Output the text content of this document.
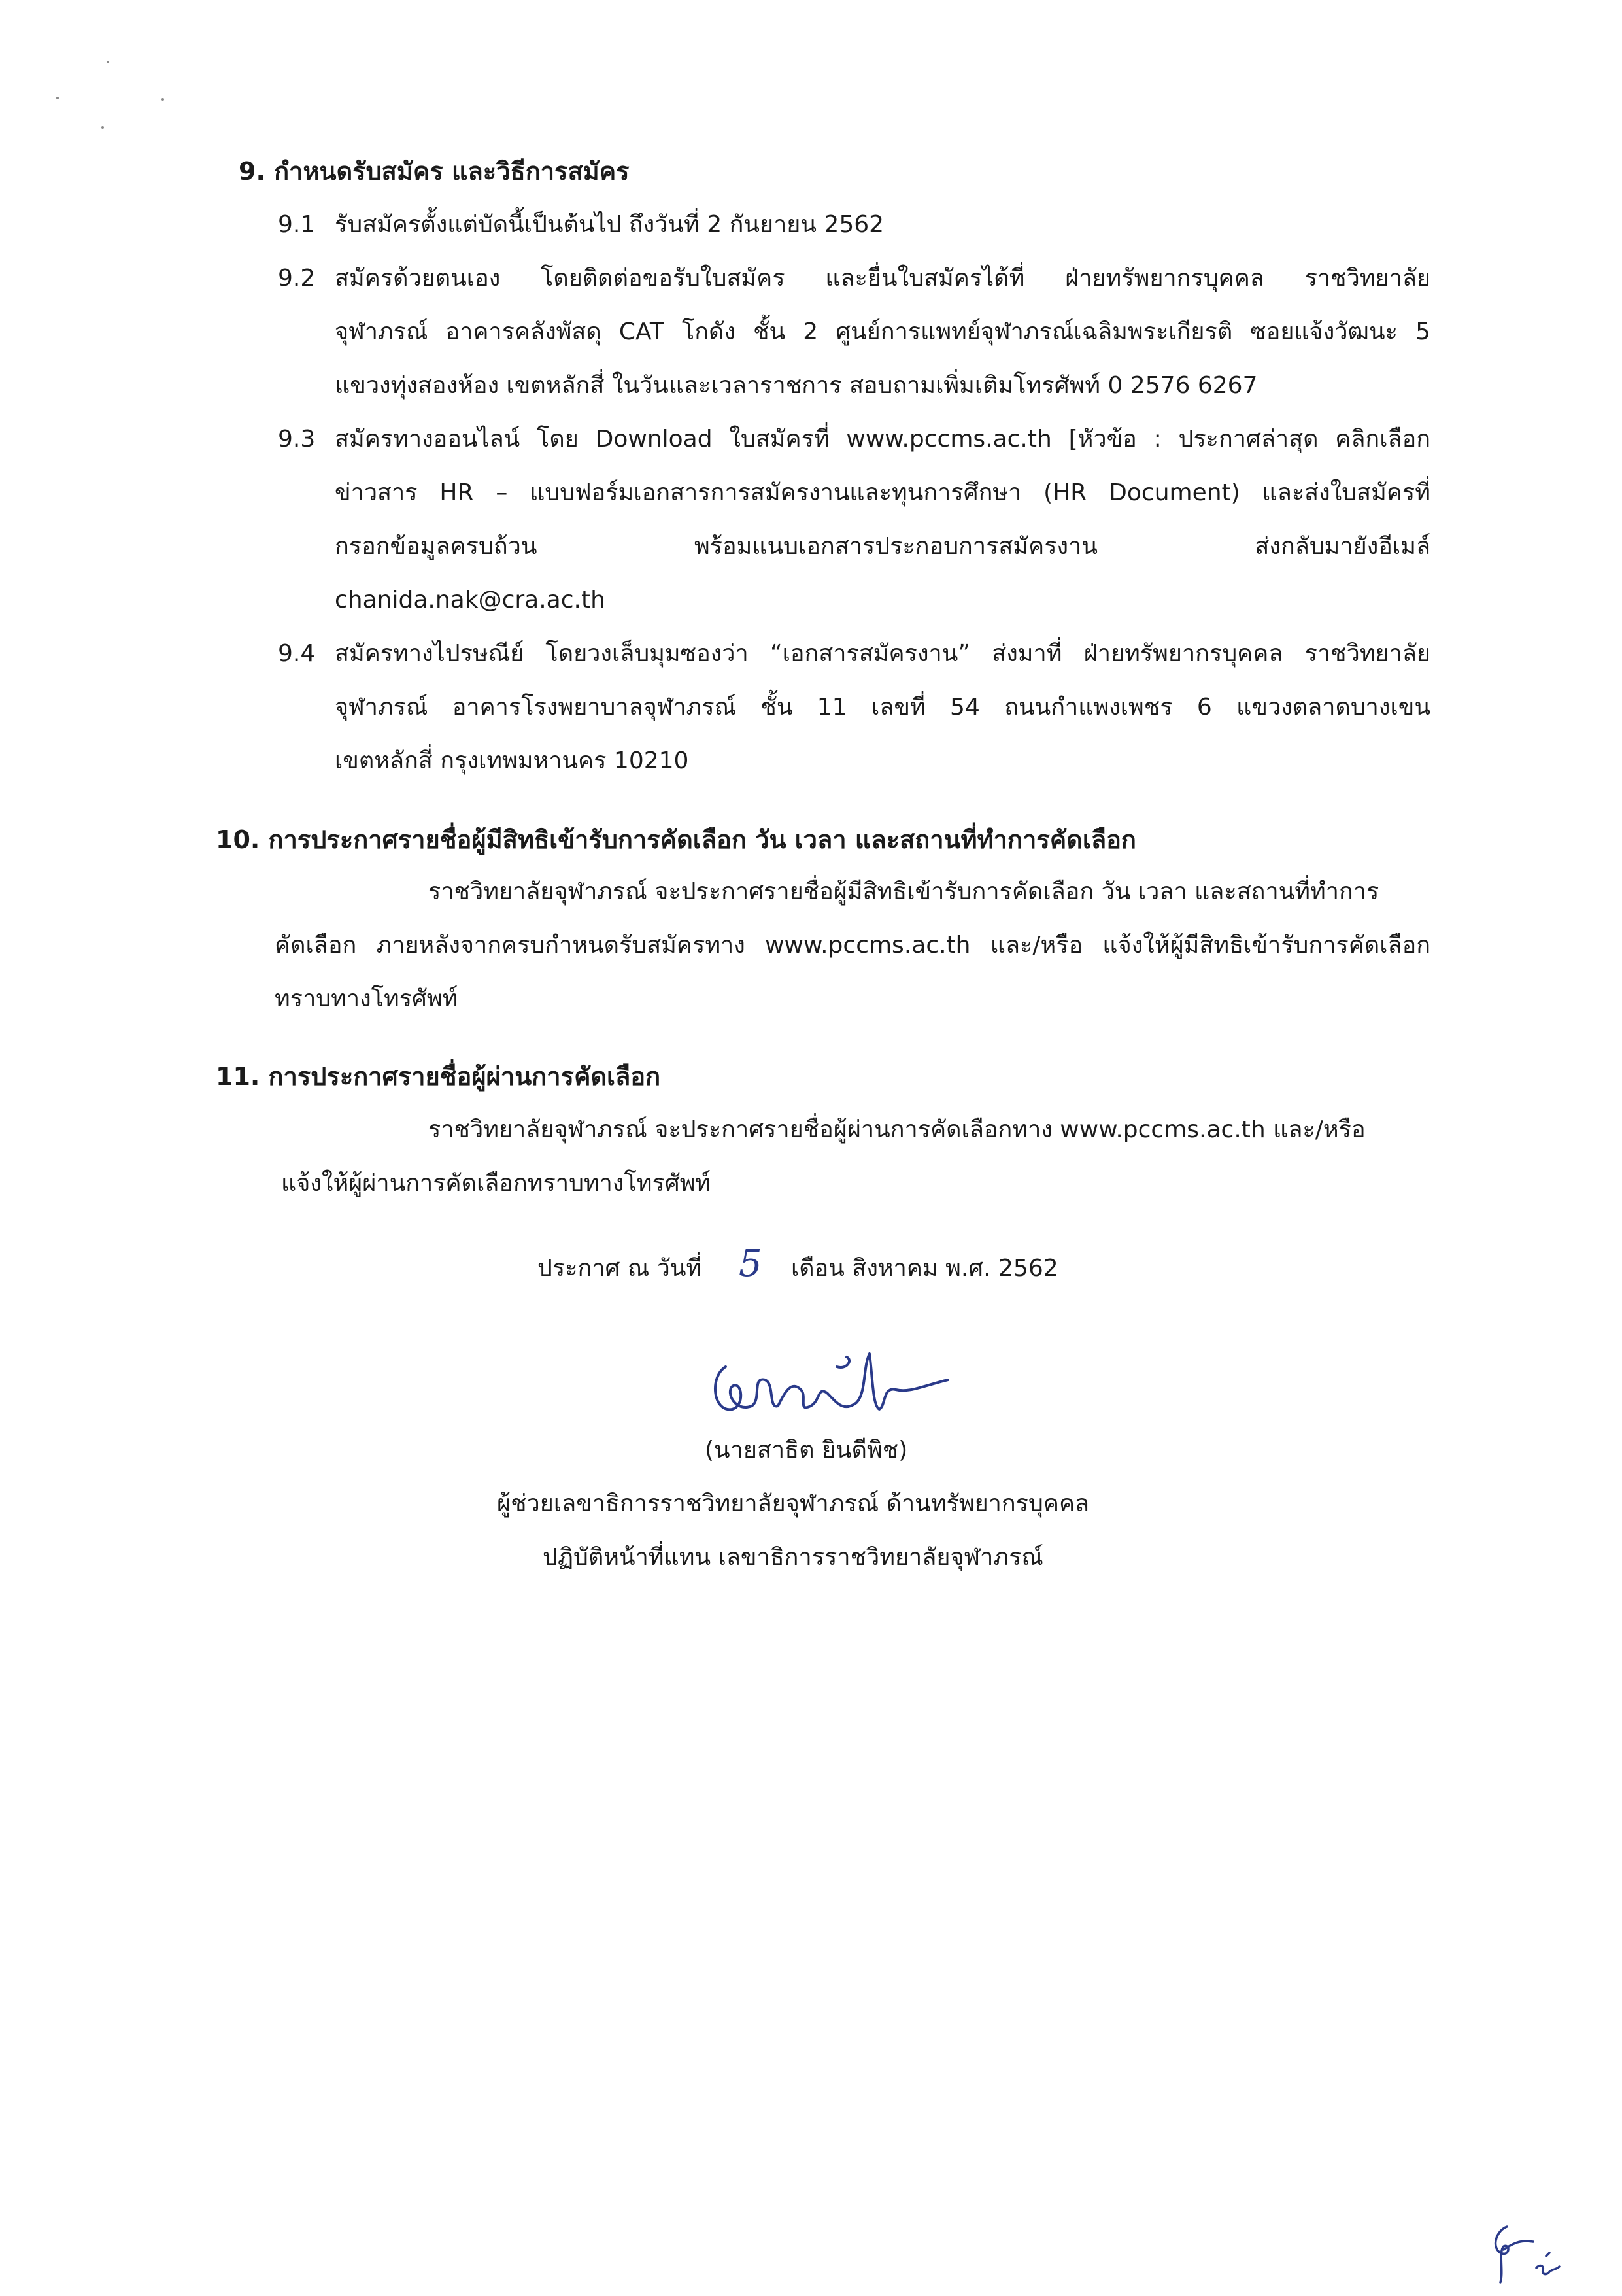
9. กำหนดรับสมัคร และวิธีการสมัคร
9.1 รับสมัครตั้งแต่บัดนี้เป็นต้นไป ถึงวันที่ 2 กันยายน 2562
9.2 สมัครด้วยตนเอง โดยติดต่อขอรับใบสมัคร และยื่นใบสมัครได้ที่ ฝ่ายทรัพยากรบุคคล ราชวิทยาลัย
จุฬาภรณ์ อาคารคลังพัสดุ CAT โกดัง ชั้น 2 ศูนย์การแพทย์จุฬาภรณ์เฉลิมพระเกียรติ ซอยแจ้งวัฒนะ 5
แขวงทุ่งสองห้อง เขตหลักสี่ ในวันและเวลาราชการ สอบถามเพิ่มเติมโทรศัพท์ 0 2576 6267
9.3 สมัครทางออนไลน์ โดย Download ใบสมัครที่ www.pccms.ac.th [หัวข้อ : ประกาศล่าสุด คลิกเลือก
ข่าวสาร HR – แบบฟอร์มเอกสารการสมัครงานและทุนการศึกษา (HR Document) และส่งใบสมัครที่
กรอกข้อมูลครบถ้วน พร้อมแนบเอกสารประกอบการสมัครงาน ส่งกลับมายังอีเมล์
chanida.nak@cra.ac.th
9.4 สมัครทางไปรษณีย์ โดยวงเล็บมุมซองว่า “เอกสารสมัครงาน” ส่งมาที่ ฝ่ายทรัพยากรบุคคล ราชวิทยาลัย
จุฬาภรณ์ อาคารโรงพยาบาลจุฬาภรณ์ ชั้น 11 เลขที่ 54 ถนนกำแพงเพชร 6 แขวงตลาดบางเขน
เขตหลักสี่ กรุงเทพมหานคร 10210
10. การประกาศรายชื่อผู้มีสิทธิเข้ารับการคัดเลือก วัน เวลา และสถานที่ทำการคัดเลือก
ราชวิทยาลัยจุฬาภรณ์ จะประกาศรายชื่อผู้มีสิทธิเข้ารับการคัดเลือก วัน เวลา และสถานที่ทำการ
คัดเลือก ภายหลังจากครบกำหนดรับสมัครทาง www.pccms.ac.th และ/หรือ แจ้งให้ผู้มีสิทธิเข้ารับการคัดเลือก
ทราบทางโทรศัพท์
11. การประกาศรายชื่อผู้ผ่านการคัดเลือก
ราชวิทยาลัยจุฬาภรณ์ จะประกาศรายชื่อผู้ผ่านการคัดเลือกทาง www.pccms.ac.th และ/หรือ
แจ้งให้ผู้ผ่านการคัดเลือกทราบทางโทรศัพท์
ประกาศ ณ วันที่ 5 เดือน สิงหาคม พ.ศ. 2562
(นายสาธิต ยินดีพิช)
ผู้ช่วยเลขาธิการราชวิทยาลัยจุฬาภรณ์ ด้านทรัพยากรบุคคล
ปฏิบัติหน้าที่แทน เลขาธิการราชวิทยาลัยจุฬาภรณ์
